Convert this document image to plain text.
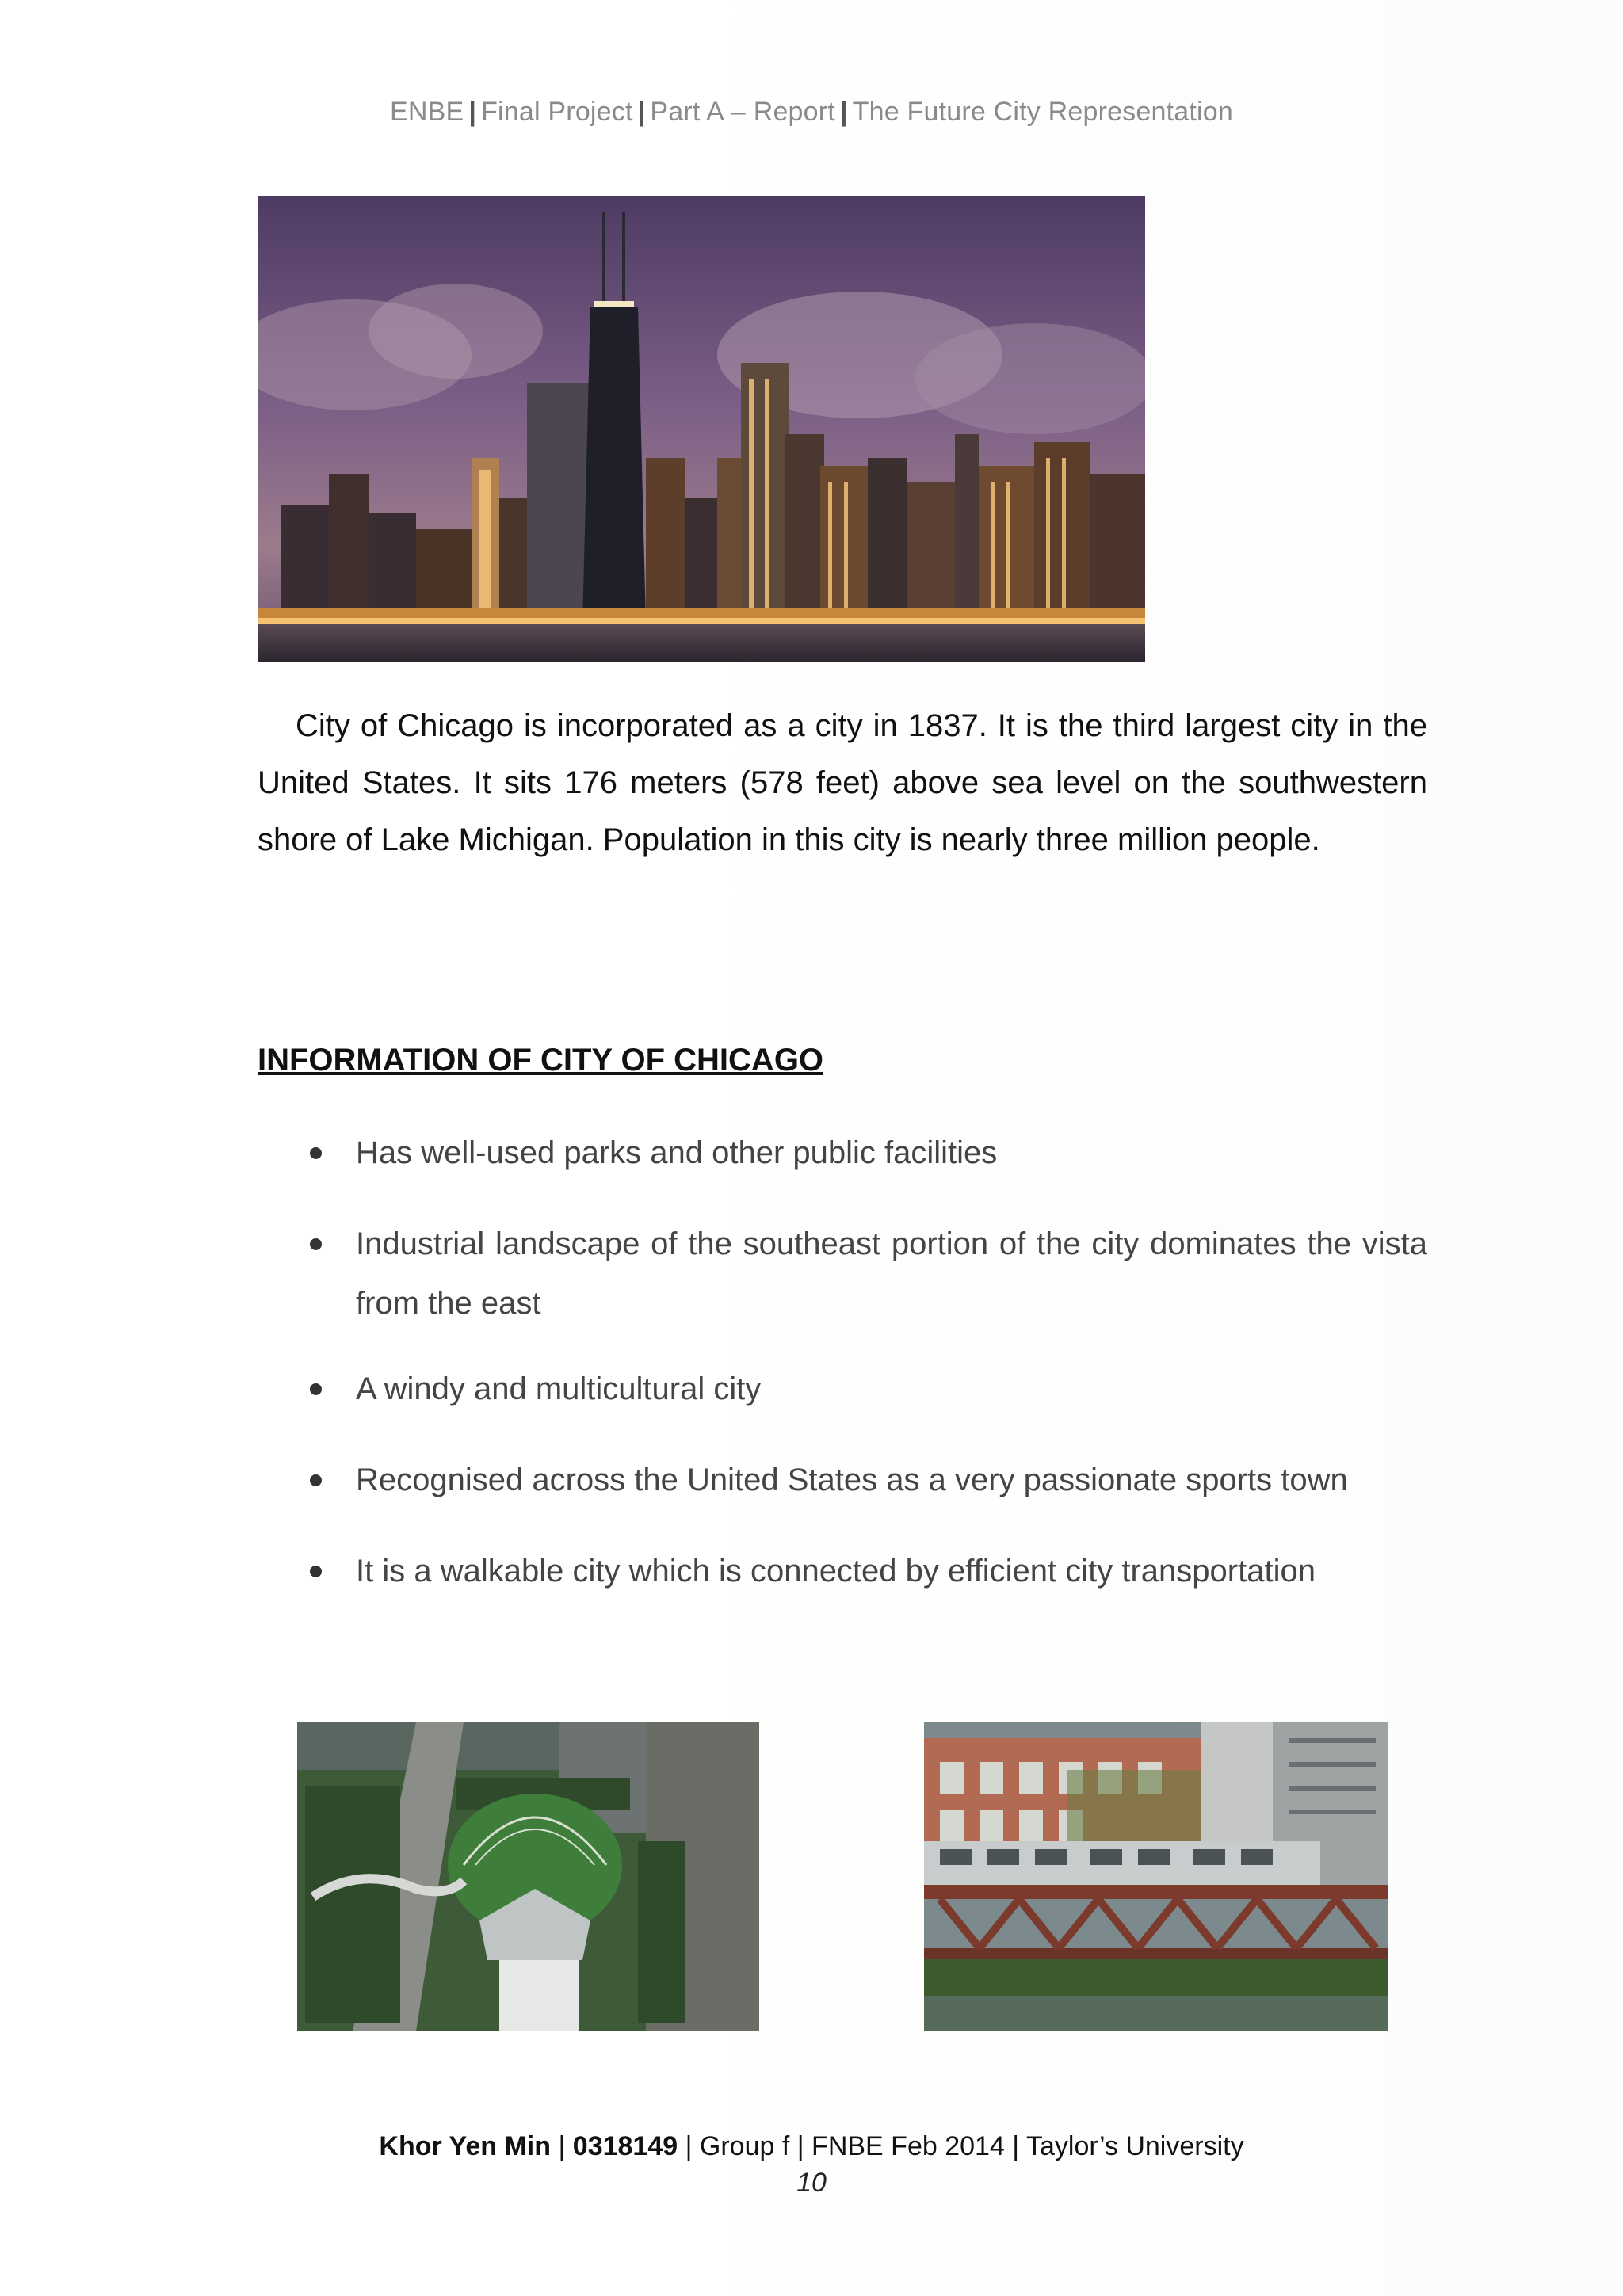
ENBE | Final Project | Part A – Report | The Future City Representation
City of Chicago is incorporated as a city in 1837. It is the third largest city in the United States. It sits 176 meters (578 feet) above sea level on the southwestern shore of Lake Michigan. Population in this city is nearly three million people.
INFORMATION OF CITY OF CHICAGO
Has well-used parks and other public facilities
Industrial landscape of the southeast portion of the city dominates the vista from the east
A windy and multicultural city
Recognised across the United States as a very passionate sports town
It is a walkable city which is connected by efficient city transportation
Khor Yen Min | 0318149 | Group f | FNBE Feb 2014 | Taylor’s University
10
